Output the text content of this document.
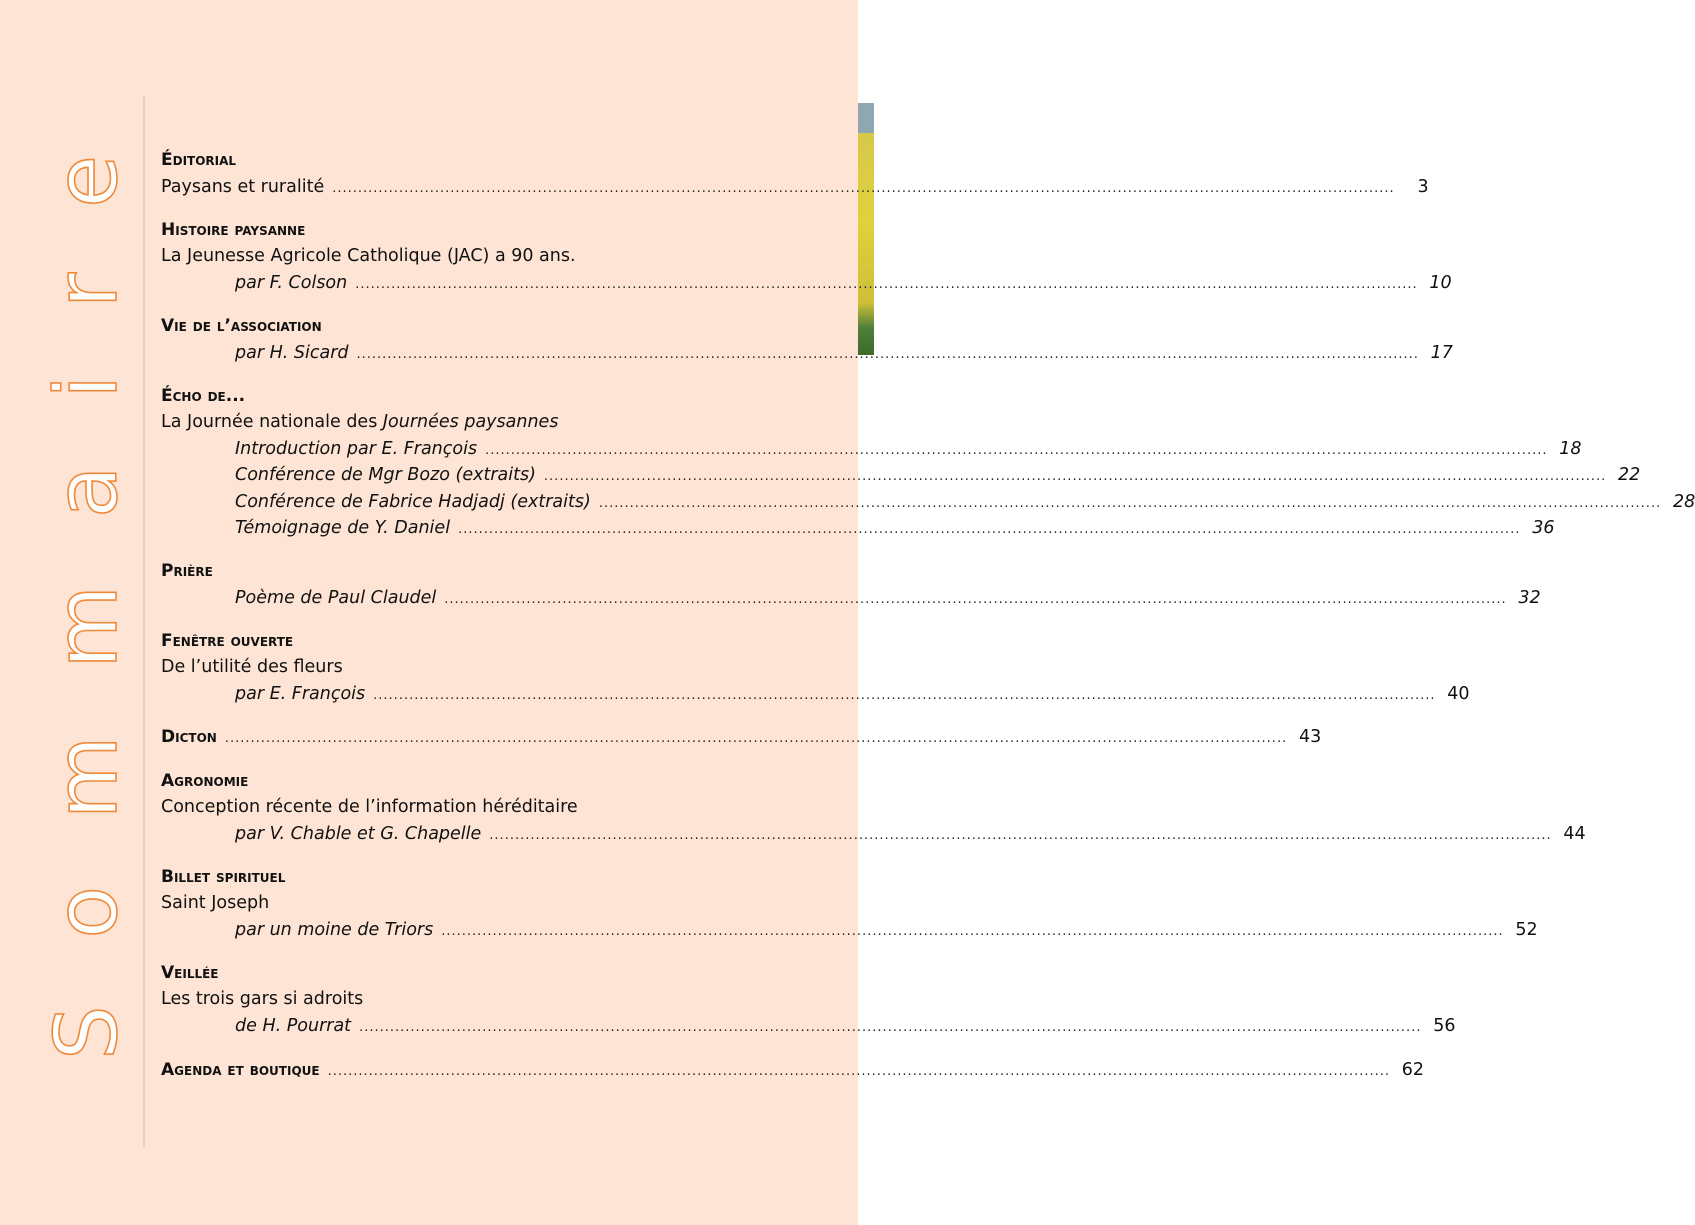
Sommaire Éditorial
Paysans et ruralité .....	3
Histoire paysanne
La Jeunesse Agricole Catholique (JAC) a 90 ans.
par F. Colson .....	10
Vie de l’association
par H. Sicard .....	17
Écho de...
La Journée nationale des Journées paysannes
Introduction par E. François .....	18
Conférence de Mgr Bozo (extraits) .....	22
Conférence de Fabrice Hadjadj (extraits) .....	28
Témoignage de Y. Daniel .....	36
Prière
Poème de Paul Claudel .....	32
Fenêtre ouverte
De l’utilité des fleurs
par E. François .....	40
Dicton .....	43
Agronomie
Conception récente de l’information héréditaire
par V. Chable et G. Chapelle .....	44
Billet spirituel
Saint Joseph
par un moine de Triors .....	52
Veillée
Les trois gars si adroits
de H. Pourrat .....	56
Agenda et boutique .....	62
